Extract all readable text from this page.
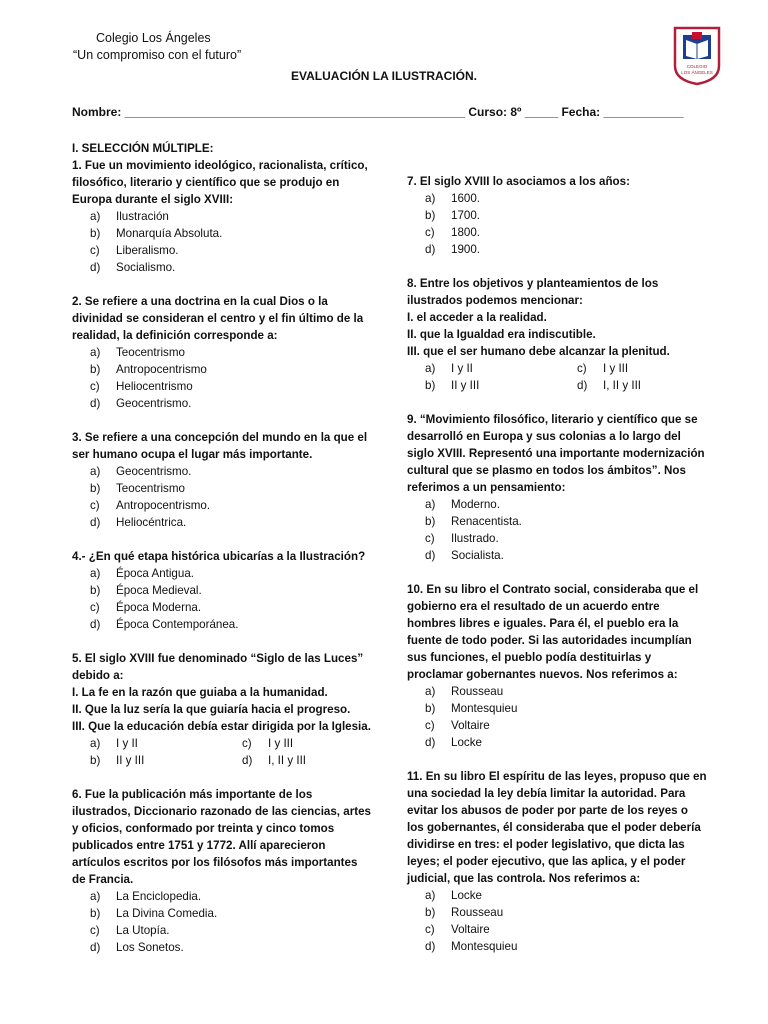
Colegio Los Ángeles
“Un compromiso con el futuro”
EVALUACIÓN LA ILUSTRACIÓN.
COLEGIO
LOS ÁNGELES
Nombre: ___________________________________________________ Curso: 8º _____ Fecha: ____________
I. SELECCIÓN MÚLTIPLE:
1. Fue un movimiento ideológico, racionalista, crítico, filosófico, literario y científico que se produjo en Europa durante el siglo XVIII:
a)	Ilustración
b)	Monarquía Absoluta.
c)	Liberalismo.
d)	Socialismo.
2. Se refiere a una doctrina en la cual Dios o la divinidad se consideran el centro y el fin último de la realidad, la definición corresponde a:
a)	Teocentrismo
b)	Antropocentrismo
c)	Heliocentrismo
d)	Geocentrismo.
3. Se refiere a una concepción del mundo en la que el ser humano ocupa el lugar más importante.
a)	Geocentrismo.
b)	Teocentrismo
c)	Antropocentrismo.
d)	Heliocéntrica.
4.- ¿En qué etapa histórica ubicarías a la Ilustración?
a)	Época Antigua.
b)	Época Medieval.
c)	Época Moderna.
d)	Época Contemporánea.
5. El siglo XVIII fue denominado “Siglo de las Luces” debido a:
I. La fe en la razón que guiaba a la humanidad.
II. Que la luz sería la que guiaría hacia el progreso.
III. Que la educación debía estar dirigida por la Iglesia.
a)	I y II	c)	I y III
b)	II y III	d)	I, II y III
6. Fue la publicación más importante de los ilustrados, Diccionario razonado de las ciencias, artes y oficios, conformado por treinta y cinco tomos publicados entre 1751 y 1772. Allí aparecieron artículos escritos por los filósofos más importantes de Francia.
a)	La Enciclopedia.
b)	La Divina Comedia.
c)	La Utopía.
d)	Los Sonetos.
7. El siglo XVIII lo asociamos a los años:
a)	1600.
b)	1700.
c)	1800.
d)	1900.
8. Entre los objetivos y planteamientos de los ilustrados podemos mencionar:
I. el acceder a la realidad.
II. que la Igualdad era indiscutible.
III. que el ser humano debe alcanzar la plenitud.
a)	I y II	c)	I y III
b)	II y III	d)	I, II y III
9. “Movimiento filosófico, literario y científico que se desarrolló en Europa y sus colonias a lo largo del siglo XVIII. Representó una importante modernización cultural que se plasmo en todos los ámbitos”. Nos referimos a un pensamiento:
a)	Moderno.
b)	Renacentista.
c)	Ilustrado.
d)	Socialista.
10. En su libro el Contrato social, consideraba que el gobierno era el resultado de un acuerdo entre hombres libres e iguales. Para él, el pueblo era la fuente de todo poder. Si las autoridades incumplían sus funciones, el pueblo podía destituirlas y proclamar gobernantes nuevos. Nos referimos a:
a)	Rousseau
b)	Montesquieu
c)	Voltaire
d)	Locke
11. En su libro El espíritu de las leyes, propuso que en una sociedad la ley debía limitar la autoridad. Para evitar los abusos de poder por parte de los reyes o los gobernantes, él consideraba que el poder debería dividirse en tres: el poder legislativo, que dicta las leyes; el poder ejecutivo, que las aplica, y el poder judicial, que las controla. Nos referimos a:
a)	Locke
b)	Rousseau
c)	Voltaire
d)	Montesquieu
